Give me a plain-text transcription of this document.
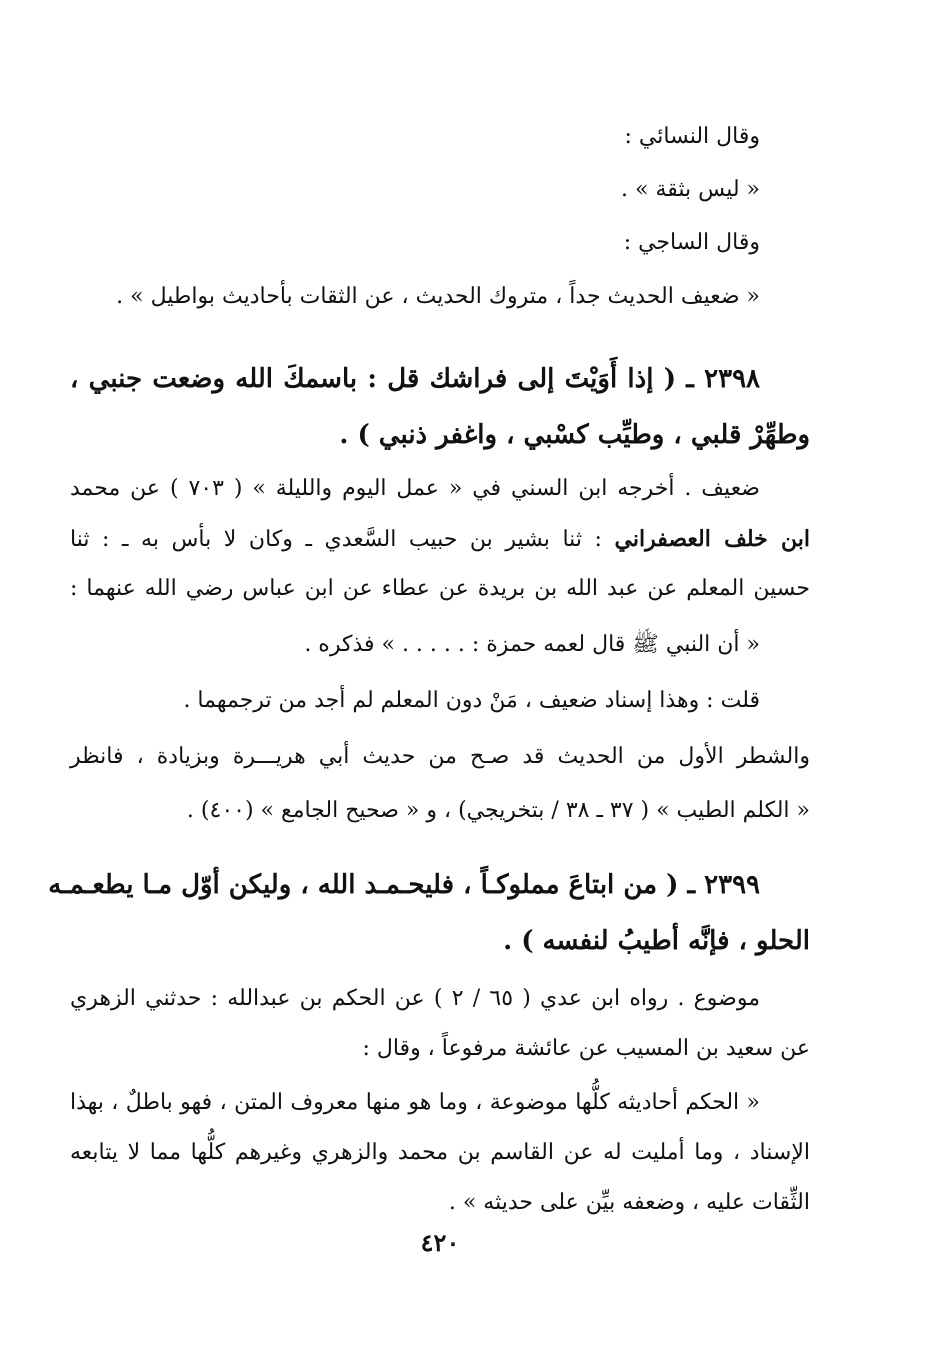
وقال النسائي :
« ليس بثقة » .
وقال الساجي :
« ضعيف الحديث جداً ، متروك الحديث ، عن الثقات بأحاديث بواطيل » .
٢٣٩٨ ـ ( إذا أَوَيْتَ إلى فراشك قل : باسمكَ الله وضعت جنبي ،
وطهِّرْ قلبي ، وطيِّب كسْبي ، واغفر ذنبي ) .
ضعيف . أخرجه ابن السني في « عمل اليوم والليلة » ( ٧٠٣ ) عن محمد
ابن خلف العصفراني : ثنا بشير بن حبيب السَّعدي ـ وكان لا بأس به ـ : ثنا
حسين المعلم عن عبد الله بن بريدة عن عطاء عن ابن عباس رضي الله عنهما :
« أن النبي ﷺ قال لعمه حمزة : . . . . . » فذكره .
قلت : وهذا إسناد ضعيف ، مَنْ دون المعلم لم أجد من ترجمهما .
والشطر الأول من الحديث قد صـح من حديث أبي هريـــرة وبزيادة ، فانظر
« الكلم الطيب » ( ٣٧ ـ ٣٨ / بتخريجي) ، و « صحيح الجامع » (٤٠٠) .
٢٣٩٩ ـ ( من ابتاعَ مملوكـاً ، فليحـمـد الله ، وليكن أوّل مـا يطعـمـه
الحلو ، فإنَّه أطيبُ لنفسه ) .
موضوع . رواه ابن عدي ( ٦٥ / ٢ ) عن الحكم بن عبدالله : حدثني الزهري
عن سعيد بن المسيب عن عائشة مرفوعاً ، وقال :
« الحكم أحاديثه كلُّها موضوعة ، وما هو منها معروف المتن ، فهو باطلٌ ، بهذا
الإسناد ، وما أمليت له عن القاسم بن محمد والزهري وغيرهم كلُّها مما لا يتابعه
الثِّقات عليه ، وضعفه بيِّن على حديثه » .
٤٢٠
